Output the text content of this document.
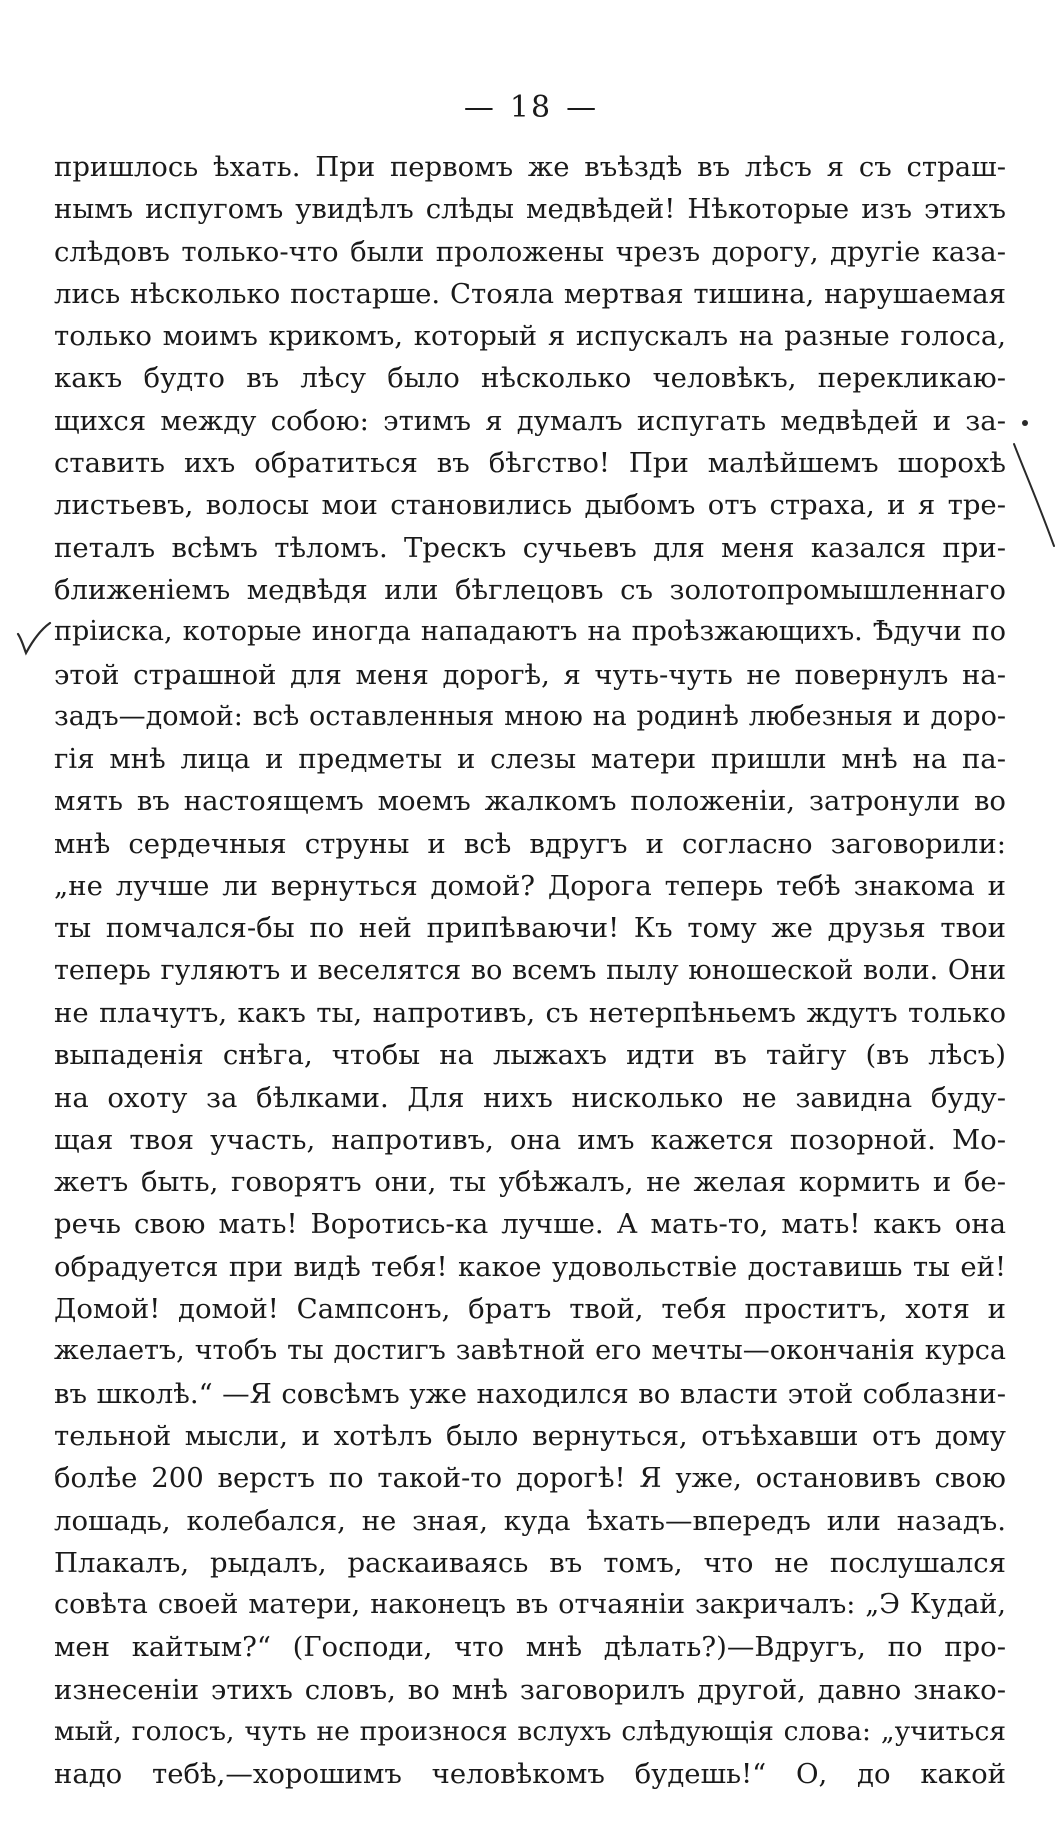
— 18 —
пришлось ѣхать. При первомъ же въѣздѣ въ лѣсъ я съ страш-
нымъ испугомъ увидѣлъ слѣды медвѣдей! Нѣкоторые изъ этихъ
слѣдовъ только-что были проложены чрезъ дорогу, другіе каза-
лись нѣсколько постарше. Стояла мертвая тишина, нарушаемая
только моимъ крикомъ, который я испускалъ на разные голоса,
какъ будто въ лѣсу было нѣсколько человѣкъ, перекликаю-
щихся между собою: этимъ я думалъ испугать медвѣдей и за-
ставить ихъ обратиться въ бѣгство! При малѣйшемъ шорохѣ
листьевъ, волосы мои становились дыбомъ отъ страха, и я тре-
петалъ всѣмъ тѣломъ. Трескъ сучьевъ для меня казался при-
ближеніемъ медвѣдя или бѣглецовъ съ золотопромышленнаго
пріиска, которые иногда нападаютъ на проѣзжающихъ. Ѣдучи по
этой страшной для меня дорогѣ, я чуть-чуть не повернулъ на-
задъ—домой: всѣ оставленныя мною на родинѣ любезныя и доро-
гія мнѣ лица и предметы и слезы матери пришли мнѣ на па-
мять въ настоящемъ моемъ жалкомъ положеніи, затронули во
мнѣ сердечныя струны и всѣ вдругъ и согласно заговорили:
„не лучше ли вернуться домой? Дорога теперь тебѣ знакома и
ты помчался-бы по ней припѣваючи! Къ тому же друзья твои
теперь гуляютъ и веселятся во всемъ пылу юношеской воли. Они
не плачутъ, какъ ты, напротивъ, съ нетерпѣньемъ ждутъ только
выпаденія снѣга, чтобы на лыжахъ идти въ тайгу (въ лѣсъ)
на охоту за бѣлками. Для нихъ нисколько не завидна буду-
щая твоя участь, напротивъ, она имъ кажется позорной. Мо-
жетъ быть, говорятъ они, ты убѣжалъ, не желая кормить и бе-
речь свою мать! Воротись-ка лучше. А мать-то, мать! какъ она
обрадуется при видѣ тебя! какое удовольствіе доставишь ты ей!
Домой! домой! Сампсонъ, братъ твой, тебя проститъ, хотя и
желаетъ, чтобъ ты достигъ завѣтной его мечты—окончанія курса
въ школѣ.“ —Я совсѣмъ уже находился во власти этой соблазни-
тельной мысли, и хотѣлъ было вернуться, отъѣхавши отъ дому
болѣе 200 верстъ по такой-то дорогѣ! Я уже, остановивъ свою
лошадь, колебался, не зная, куда ѣхать—впередъ или назадъ.
Плакалъ, рыдалъ, раскаиваясь въ томъ, что не послушался
совѣта своей матери, наконецъ въ отчаяніи закричалъ: „Э Кудай,
мен кайтым?“ (Господи, что мнѣ дѣлать?)—Вдругъ, по про-
изнесеніи этихъ словъ, во мнѣ заговорилъ другой, давно знако-
мый, голосъ, чуть не произнося вслухъ слѣдующія слова: „учиться
надо тебѣ,—хорошимъ человѣкомъ будешь!“ О, до какой
